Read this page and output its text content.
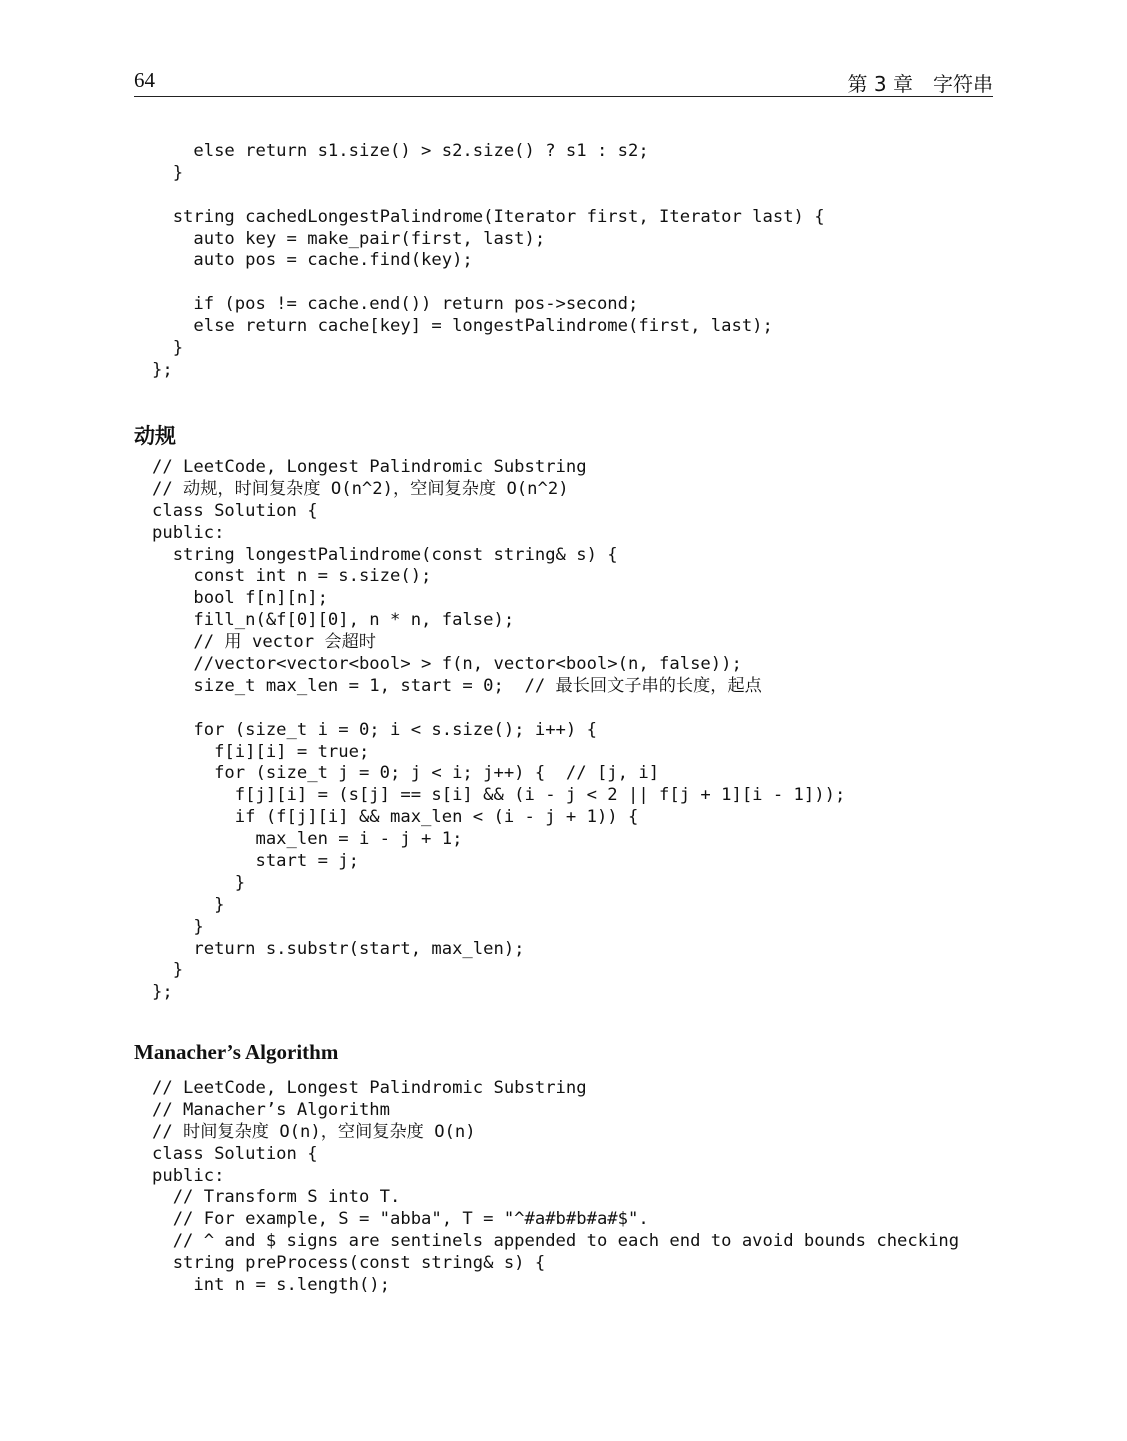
64	第 3 章　字符串
else return s1.size() > s2.size() ? s1 : s2;
}
string cachedLongestPalindrome(Iterator first, Iterator last) {
auto key = make_pair(first, last);
auto pos = cache.find(key);
if (pos != cache.end()) return pos->second;
else return cache[key] = longestPalindrome(first, last);
}
};
动规
// LeetCode, Longest Palindromic Substring
// 动规，时间复杂度 O(n^2)，空间复杂度 O(n^2)
class Solution {
public:
string longestPalindrome(const string& s) {
const int n = s.size();
bool f[n][n];
fill_n(&f[0][0], n * n, false);
// 用 vector 会超时
//vector<vector<bool> > f(n, vector<bool>(n, false));
size_t max_len = 1, start = 0;  // 最长回文子串的长度，起点
for (size_t i = 0; i < s.size(); i++) {
f[i][i] = true;
for (size_t j = 0; j < i; j++) {  // [j, i]
f[j][i] = (s[j] == s[i] && (i - j < 2 || f[j + 1][i - 1]));
if (f[j][i] && max_len < (i - j + 1)) {
max_len = i - j + 1;
start = j;
}
}
}
return s.substr(start, max_len);
}
};
Manacher’s Algorithm
// LeetCode, Longest Palindromic Substring
// Manacher’s Algorithm
// 时间复杂度 O(n)，空间复杂度 O(n)
class Solution {
public:
// Transform S into T.
// For example, S = "abba", T = "^#a#b#b#a#$".
// ^ and $ signs are sentinels appended to each end to avoid bounds checking
string preProcess(const string& s) {
int n = s.length();
